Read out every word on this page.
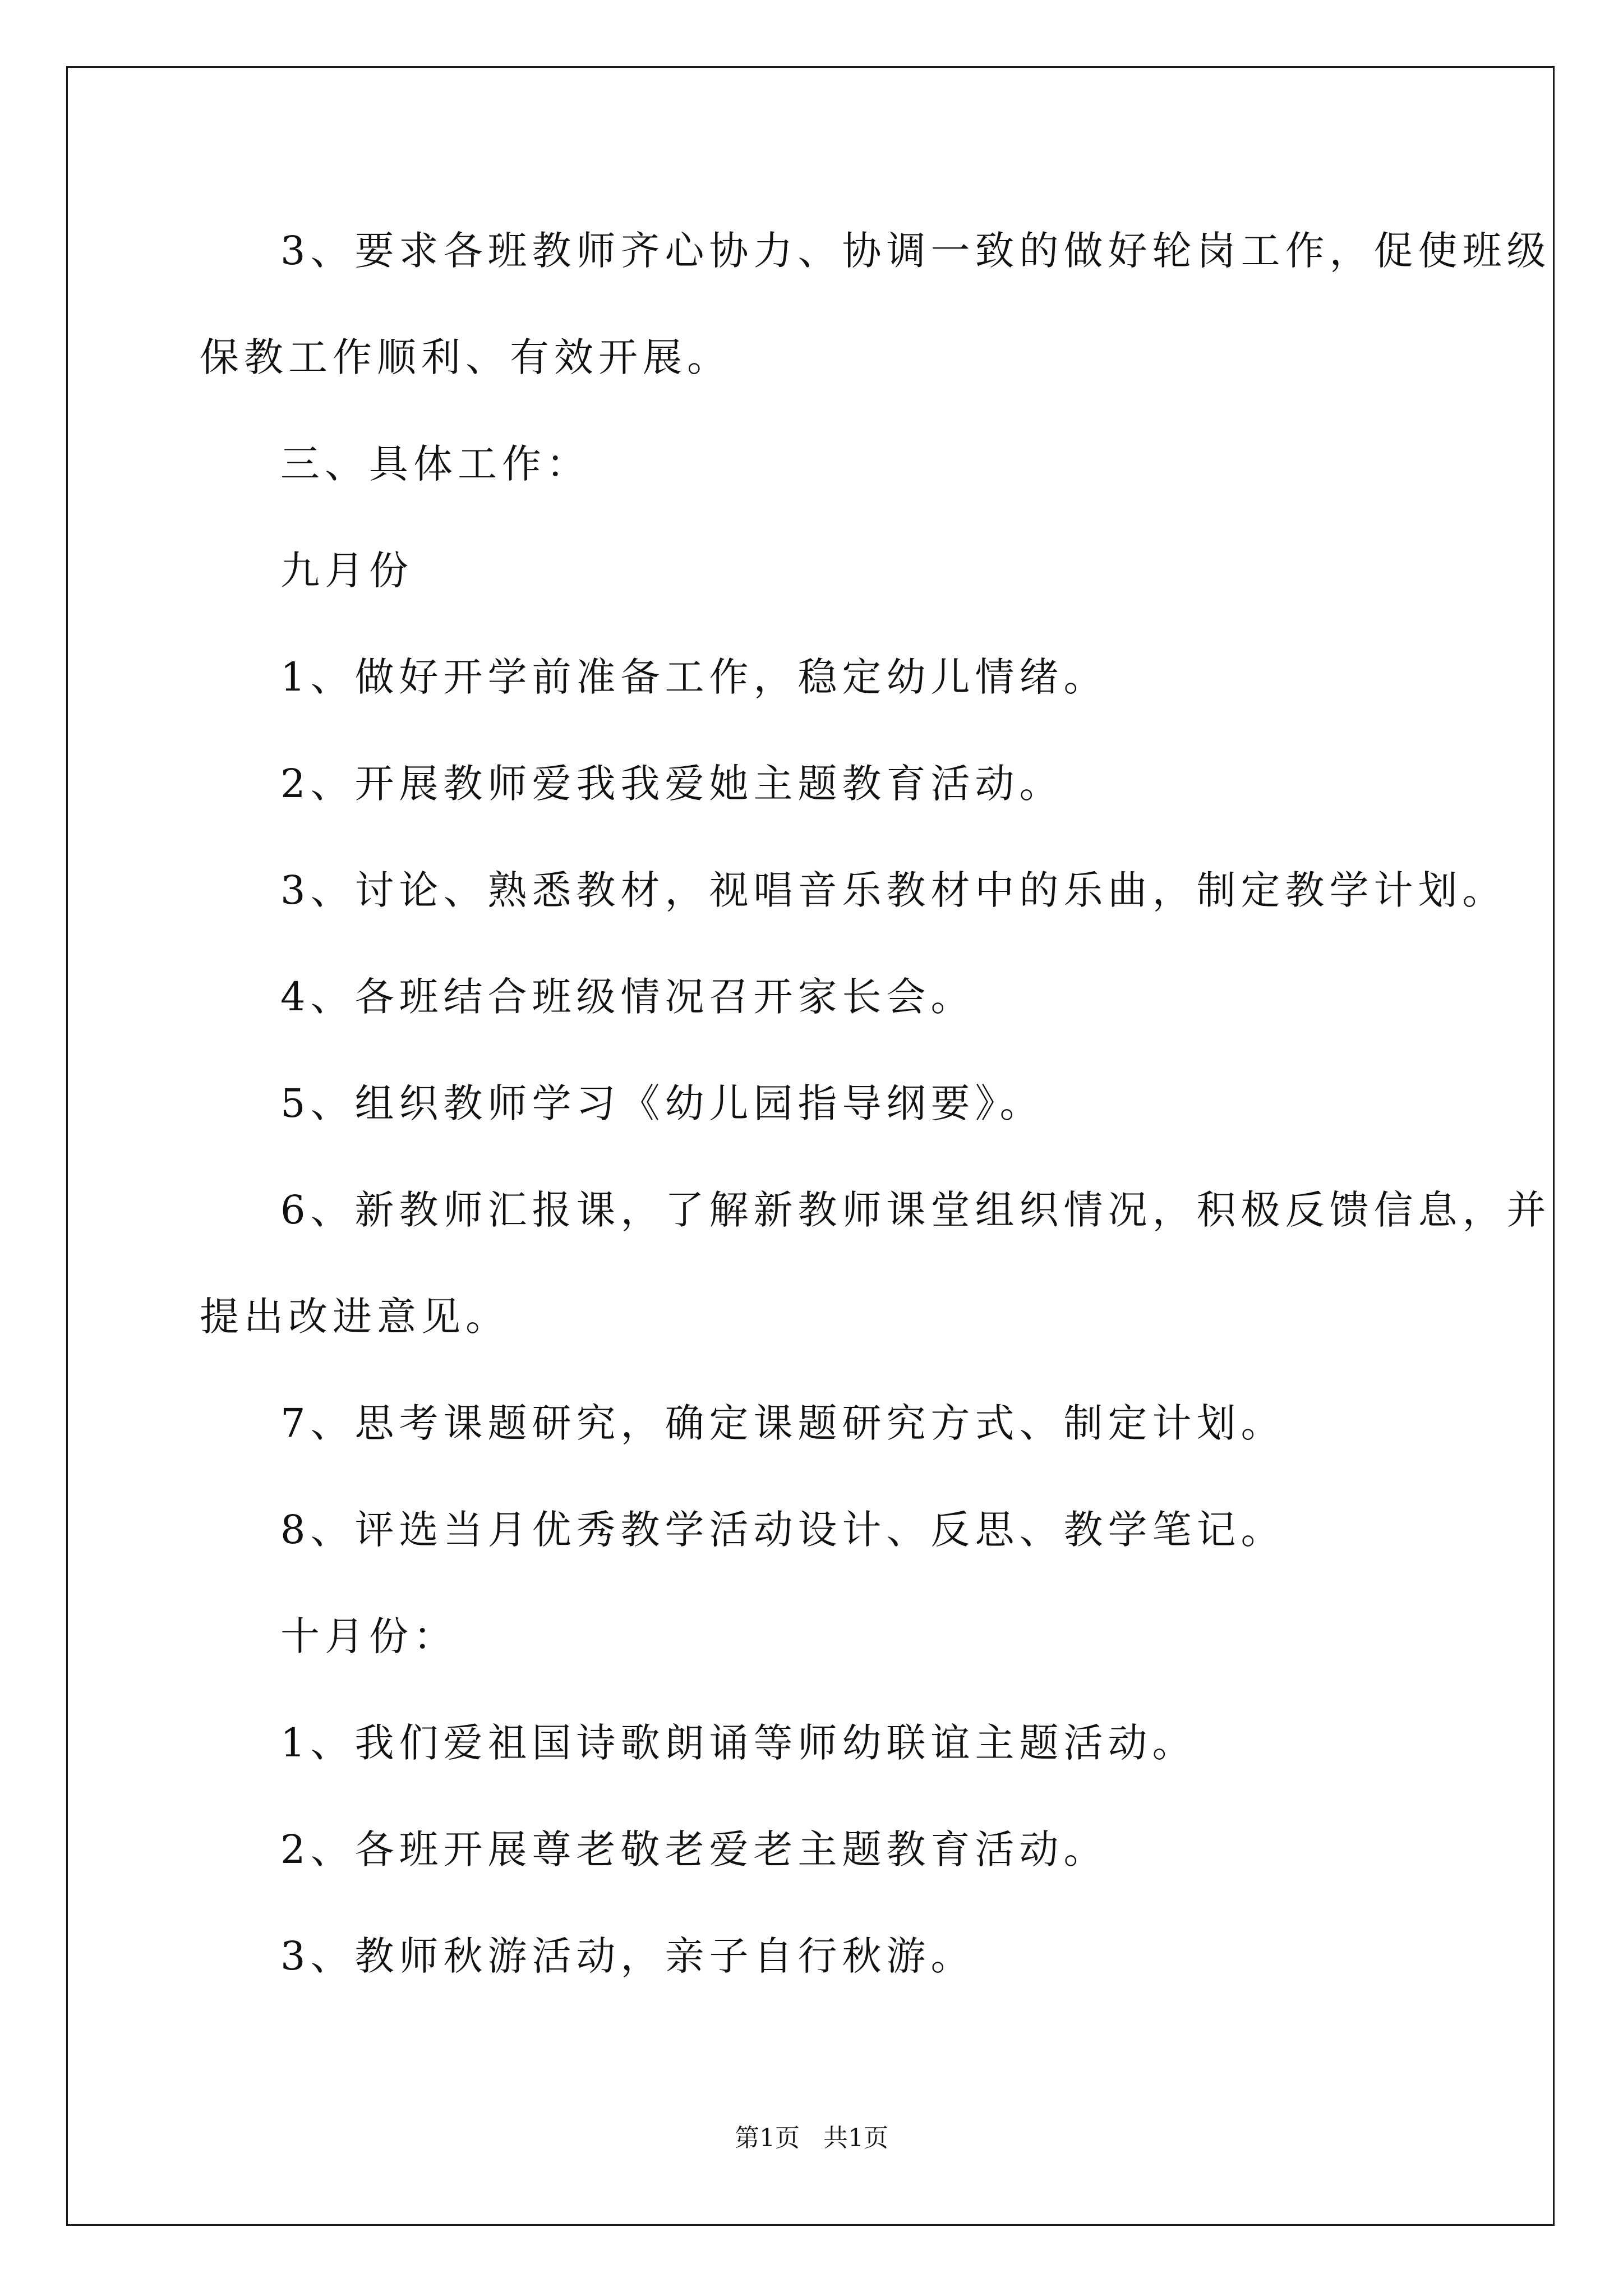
3、要求各班教师齐心协力、协调一致的做好轮岗工作，促使班级

保教工作顺利、有效开展。

三、具体工作：

九月份

1、做好开学前准备工作，稳定幼儿情绪。

2、开展教师爱我我爱她主题教育活动。

3、讨论、熟悉教材，视唱音乐教材中的乐曲，制定教学计划。

4、各班结合班级情况召开家长会。

5、组织教师学习《幼儿园指导纲要》。

6、新教师汇报课，了解新教师课堂组织情况，积极反馈信息，并

提出改进意见。

7、思考课题研究，确定课题研究方式、制定计划。

8、评选当月优秀教学活动设计、反思、教学笔记。

十月份：

1、我们爱祖国诗歌朗诵等师幼联谊主题活动。

2、各班开展尊老敬老爱老主题教育活动。

3、教师秋游活动，亲子自行秋游。

第1页   共1页
